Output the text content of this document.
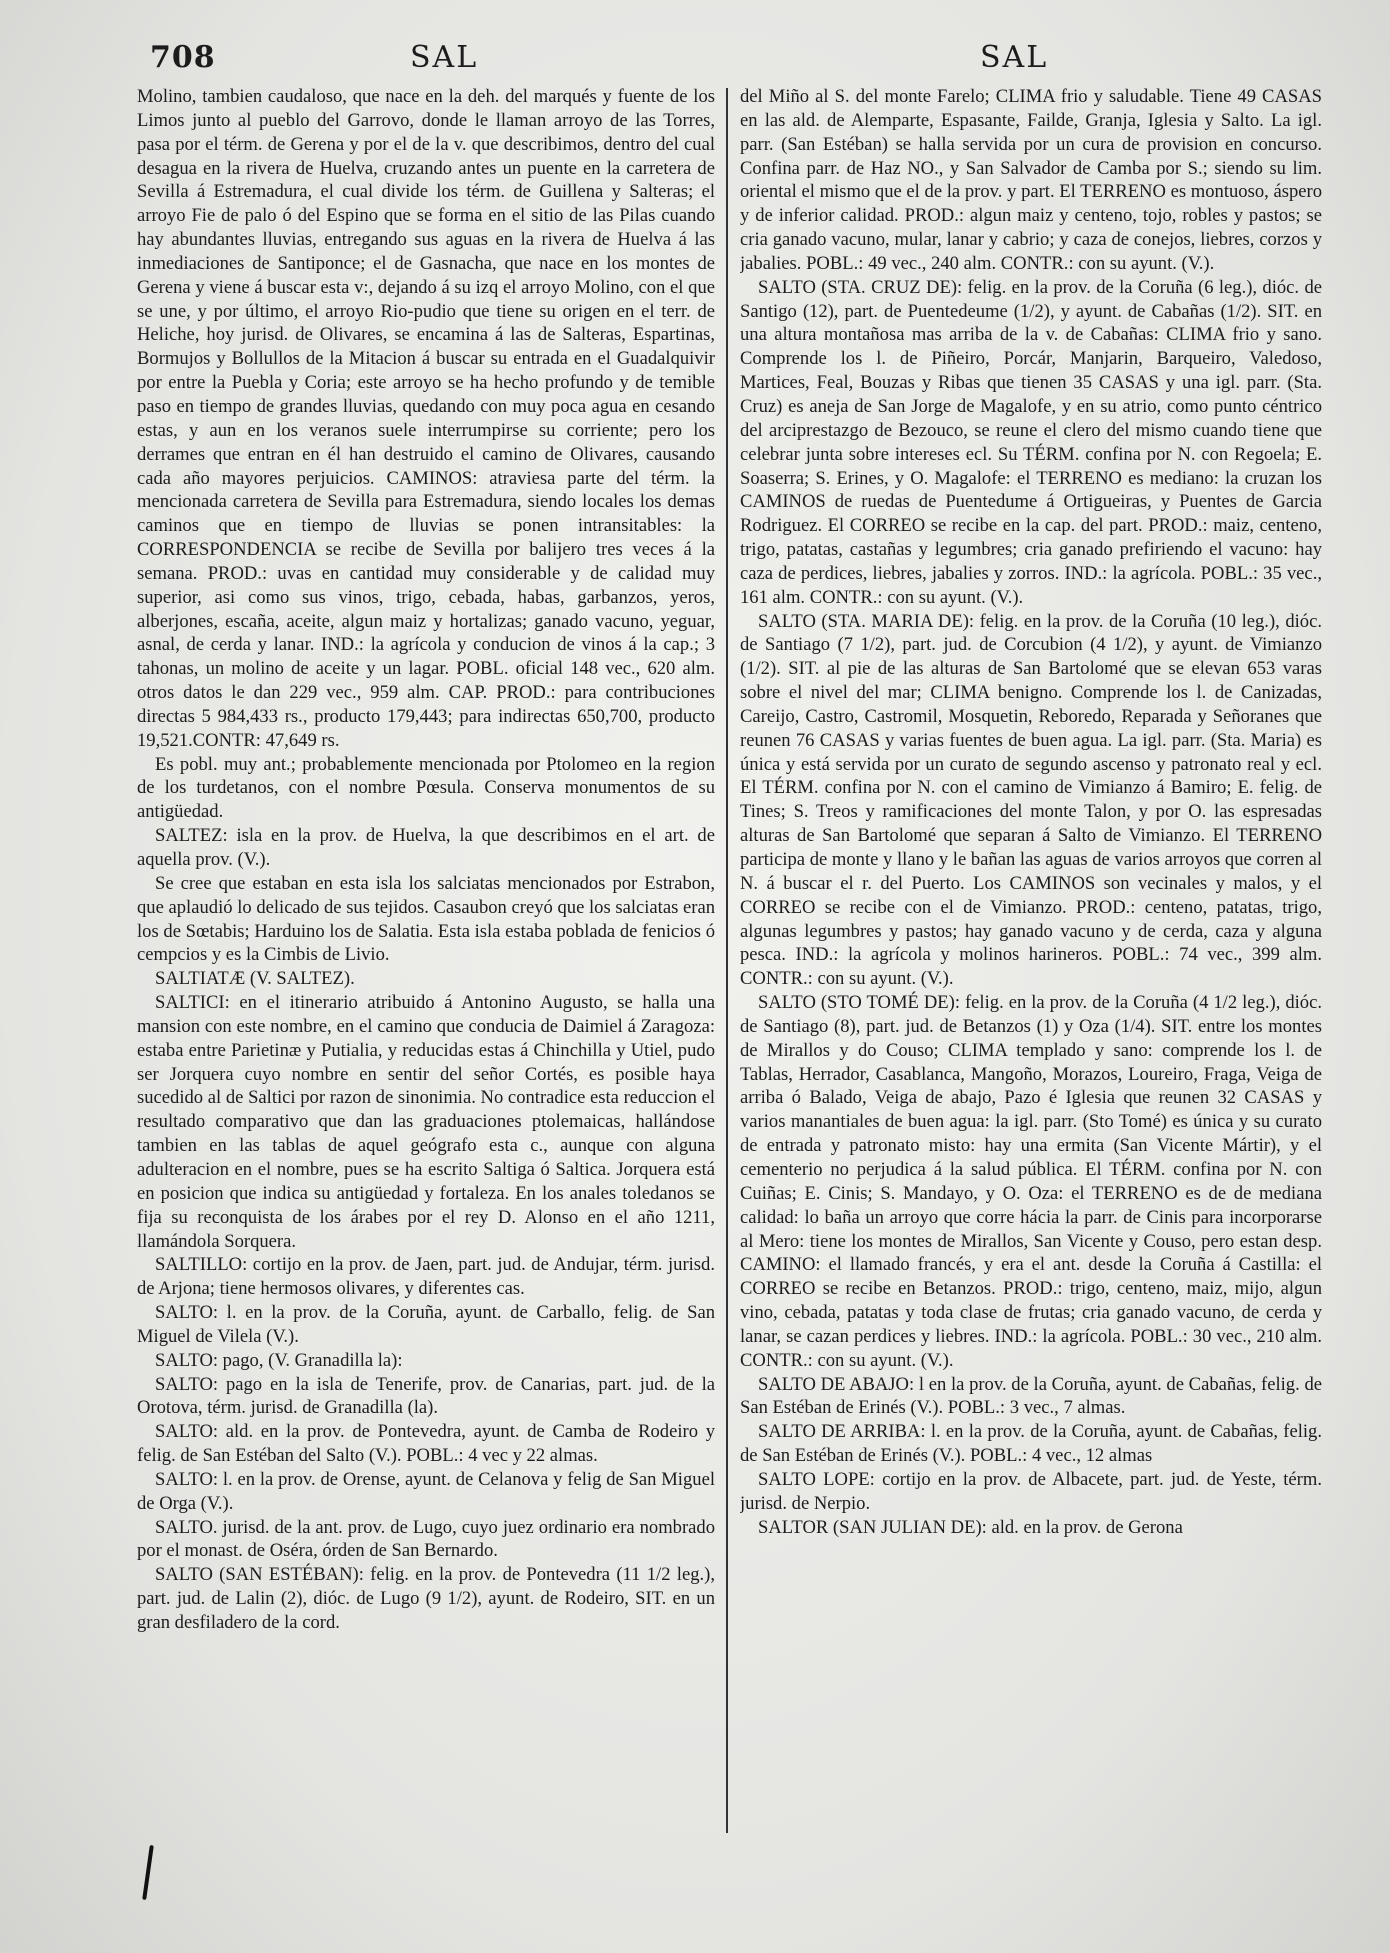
708	SAL	SAL

Molino, tambien caudaloso, que nace en la deh. del marqués y fuente de los Limos junto al pueblo del Garrovo, donde le llaman arroyo de las Torres, pasa por el térm. de Gerena y por el de la v. que describimos, dentro del cual desagua en la rivera de Huelva, cruzando antes un puente en la carretera de Sevilla á Estremadura, el cual divide los térm. de Guillena y Salteras; el arroyo Fie de palo ó del Espino que se forma en el sitio de las Pilas cuando hay abundantes lluvias, entregando sus aguas en la rivera de Huelva á las inmediaciones de Santiponce; el de Gasnacha, que nace en los montes de Gerena y viene á buscar esta v:, dejando á su izq el arroyo Molino, con el que se une, y por último, el arroyo Rio-pudio que tiene su origen en el terr. de Heliche, hoy jurisd. de Olivares, se encamina á las de Salteras, Espartinas, Bormujos y Bollullos de la Mitacion á buscar su entrada en el Guadalquivir por entre la Puebla y Coria; este arroyo se ha hecho profundo y de temible paso en tiempo de grandes lluvias, quedando con muy poca agua en cesando estas, y aun en los veranos suele interrumpirse su corriente; pero los derrames que entran en él han destruido el camino de Olivares, causando cada año mayores perjuicios. CAMINOS: atraviesa parte del térm. la mencionada carretera de Sevilla para Estremadura, siendo locales los demas caminos que en tiempo de lluvias se ponen intransitables: la CORRESPONDENCIA se recibe de Sevilla por balijero tres veces á la semana. PROD.: uvas en cantidad muy considerable y de calidad muy superior, asi como sus vinos, trigo, cebada, habas, garbanzos, yeros, alberjones, escaña, aceite, algun maiz y hortalizas; ganado vacuno, yeguar, asnal, de cerda y lanar. IND.: la agrícola y conducion de vinos á la cap.; 3 tahonas, un molino de aceite y un lagar. POBL. oficial 148 vec., 620 alm. otros datos le dan 229 vec., 959 alm. CAP. PROD.: para contribuciones directas 5 984,433 rs., producto 179,443; para indirectas 650,700, producto 19,521.CONTR: 47,649 rs.

Es pobl. muy ant.; probablemente mencionada por Ptolomeo en la region de los turdetanos, con el nombre Pœsula. Conserva monumentos de su antigüedad.

SALTEZ: isla en la prov. de Huelva, la que describimos en el art. de aquella prov. (V.).

Se cree que estaban en esta isla los salciatas mencionados por Estrabon, que aplaudió lo delicado de sus tejidos. Casaubon creyó que los salciatas eran los de Sœtabis; Harduino los de Salatia. Esta isla estaba poblada de fenicios ó cempcios y es la Cimbis de Livio.

SALTIATÆ (V. SALTEZ).

SALTICI: en el itinerario atribuido á Antonino Augusto, se halla una mansion con este nombre, en el camino que conducia de Daimiel á Zaragoza: estaba entre Parietinæ y Putialia, y reducidas estas á Chinchilla y Utiel, pudo ser Jorquera cuyo nombre en sentir del señor Cortés, es posible haya sucedido al de Saltici por razon de sinonimia. No contradice esta reduccion el resultado comparativo que dan las graduaciones ptolemaicas, hallándose tambien en las tablas de aquel geógrafo esta c., aunque con alguna adulteracion en el nombre, pues se ha escrito Saltiga ó Saltica. Jorquera está en posicion que indica su antigüedad y fortaleza. En los anales toledanos se fija su reconquista de los árabes por el rey D. Alonso en el año 1211, llamándola Sorquera.

SALTILLO: cortijo en la prov. de Jaen, part. jud. de Andujar, térm. jurisd. de Arjona; tiene hermosos olivares, y diferentes cas.

SALTO: l. en la prov. de la Coruña, ayunt. de Carballo, felig. de San Miguel de Vilela (V.).

SALTO: pago, (V. Granadilla la):

SALTO: pago en la isla de Tenerife, prov. de Canarias, part. jud. de la Orotova, térm. jurisd. de Granadilla (la).

SALTO: ald. en la prov. de Pontevedra, ayunt. de Camba de Rodeiro y felig. de San Estéban del Salto (V.). POBL.: 4 vec y 22 almas.

SALTO: l. en la prov. de Orense, ayunt. de Celanova y felig de San Miguel de Orga (V.).

SALTO. jurisd. de la ant. prov. de Lugo, cuyo juez ordinario era nombrado por el monast. de Oséra, órden de San Bernardo.

SALTO (SAN ESTÉBAN): felig. en la prov. de Pontevedra (11 1/2 leg.), part. jud. de Lalin (2), dióc. de Lugo (9 1/2), ayunt. de Rodeiro, SIT. en un gran desfiladero de la cord.

del Miño al S. del monte Farelo; CLIMA frio y saludable. Tiene 49 CASAS en las ald. de Alemparte, Espasante, Failde, Granja, Iglesia y Salto. La igl. parr. (San Estéban) se halla servida por un cura de provision en concurso. Confina parr. de Haz NO., y San Salvador de Camba por S.; siendo su lim. oriental el mismo que el de la prov. y part. El TERRENO es montuoso, áspero y de inferior calidad. PROD.: algun maiz y centeno, tojo, robles y pastos; se cria ganado vacuno, mular, lanar y cabrio; y caza de conejos, liebres, corzos y jabalies. POBL.: 49 vec., 240 alm. CONTR.: con su ayunt. (V.).

SALTO (STA. CRUZ DE): felig. en la prov. de la Coruña (6 leg.), dióc. de Santigo (12), part. de Puentedeume (1/2), y ayunt. de Cabañas (1/2). SIT. en una altura montañosa mas arriba de la v. de Cabañas: CLIMA frio y sano. Comprende los l. de Piñeiro, Porcár, Manjarin, Barqueiro, Valedoso, Martices, Feal, Bouzas y Ribas que tienen 35 CASAS y una igl. parr. (Sta. Cruz) es aneja de San Jorge de Magalofe, y en su atrio, como punto céntrico del arciprestazgo de Bezouco, se reune el clero del mismo cuando tiene que celebrar junta sobre intereses ecl. Su TÉRM. confina por N. con Regoela; E. Soaserra; S. Erines, y O. Magalofe: el TERRENO es mediano: la cruzan los CAMINOS de ruedas de Puentedume á Ortigueiras, y Puentes de Garcia Rodriguez. El CORREO se recibe en la cap. del part. PROD.: maiz, centeno, trigo, patatas, castañas y legumbres; cria ganado prefiriendo el vacuno: hay caza de perdices, liebres, jabalies y zorros. IND.: la agrícola. POBL.: 35 vec., 161 alm. CONTR.: con su ayunt. (V.).

SALTO (STA. MARIA DE): felig. en la prov. de la Coruña (10 leg.), dióc. de Santiago (7 1/2), part. jud. de Corcubion (4 1/2), y ayunt. de Vimianzo (1/2). SIT. al pie de las alturas de San Bartolomé que se elevan 653 varas sobre el nivel del mar; CLIMA benigno. Comprende los l. de Canizadas, Careijo, Castro, Castromil, Mosquetin, Reboredo, Reparada y Señoranes que reunen 76 CASAS y varias fuentes de buen agua. La igl. parr. (Sta. Maria) es única y está servida por un curato de segundo ascenso y patronato real y ecl. El TÉRM. confina por N. con el camino de Vimianzo á Bamiro; E. felig. de Tines; S. Treos y ramificaciones del monte Talon, y por O. las espresadas alturas de San Bartolomé que separan á Salto de Vimianzo. El TERRENO participa de monte y llano y le bañan las aguas de varios arroyos que corren al N. á buscar el r. del Puerto. Los CAMINOS son vecinales y malos, y el CORREO se recibe con el de Vimianzo. PROD.: centeno, patatas, trigo, algunas legumbres y pastos; hay ganado vacuno y de cerda, caza y alguna pesca. IND.: la agrícola y molinos harineros. POBL.: 74 vec., 399 alm. CONTR.: con su ayunt. (V.).

SALTO (STO TOMÉ DE): felig. en la prov. de la Coruña (4 1/2 leg.), dióc. de Santiago (8), part. jud. de Betanzos (1) y Oza (1/4). SIT. entre los montes de Mirallos y do Couso; CLIMA templado y sano: comprende los l. de Tablas, Herrador, Casablanca, Mangoño, Morazos, Loureiro, Fraga, Veiga de arriba ó Balado, Veiga de abajo, Pazo é Iglesia que reunen 32 CASAS y varios manantiales de buen agua: la igl. parr. (Sto Tomé) es única y su curato de entrada y patronato misto: hay una ermita (San Vicente Mártir), y el cementerio no perjudica á la salud pública. El TÉRM. confina por N. con Cuiñas; E. Cinis; S. Mandayo, y O. Oza: el TERRENO es de de mediana calidad: lo baña un arroyo que corre hácia la parr. de Cinis para incorporarse al Mero: tiene los montes de Mirallos, San Vicente y Couso, pero estan desp. CAMINO: el llamado francés, y era el ant. desde la Coruña á Castilla: el CORREO se recibe en Betanzos. PROD.: trigo, centeno, maiz, mijo, algun vino, cebada, patatas y toda clase de frutas; cria ganado vacuno, de cerda y lanar, se cazan perdices y liebres. IND.: la agrícola. POBL.: 30 vec., 210 alm. CONTR.: con su ayunt. (V.).

SALTO DE ABAJO: l en la prov. de la Coruña, ayunt. de Cabañas, felig. de San Estéban de Erinés (V.). POBL.: 3 vec., 7 almas.

SALTO DE ARRIBA: l. en la prov. de la Coruña, ayunt. de Cabañas, felig. de San Estéban de Erinés (V.). POBL.: 4 vec., 12 almas

SALTO LOPE: cortijo en la prov. de Albacete, part. jud. de Yeste, térm. jurisd. de Nerpio.

SALTOR (SAN JULIAN DE): ald. en la prov. de Gerona
